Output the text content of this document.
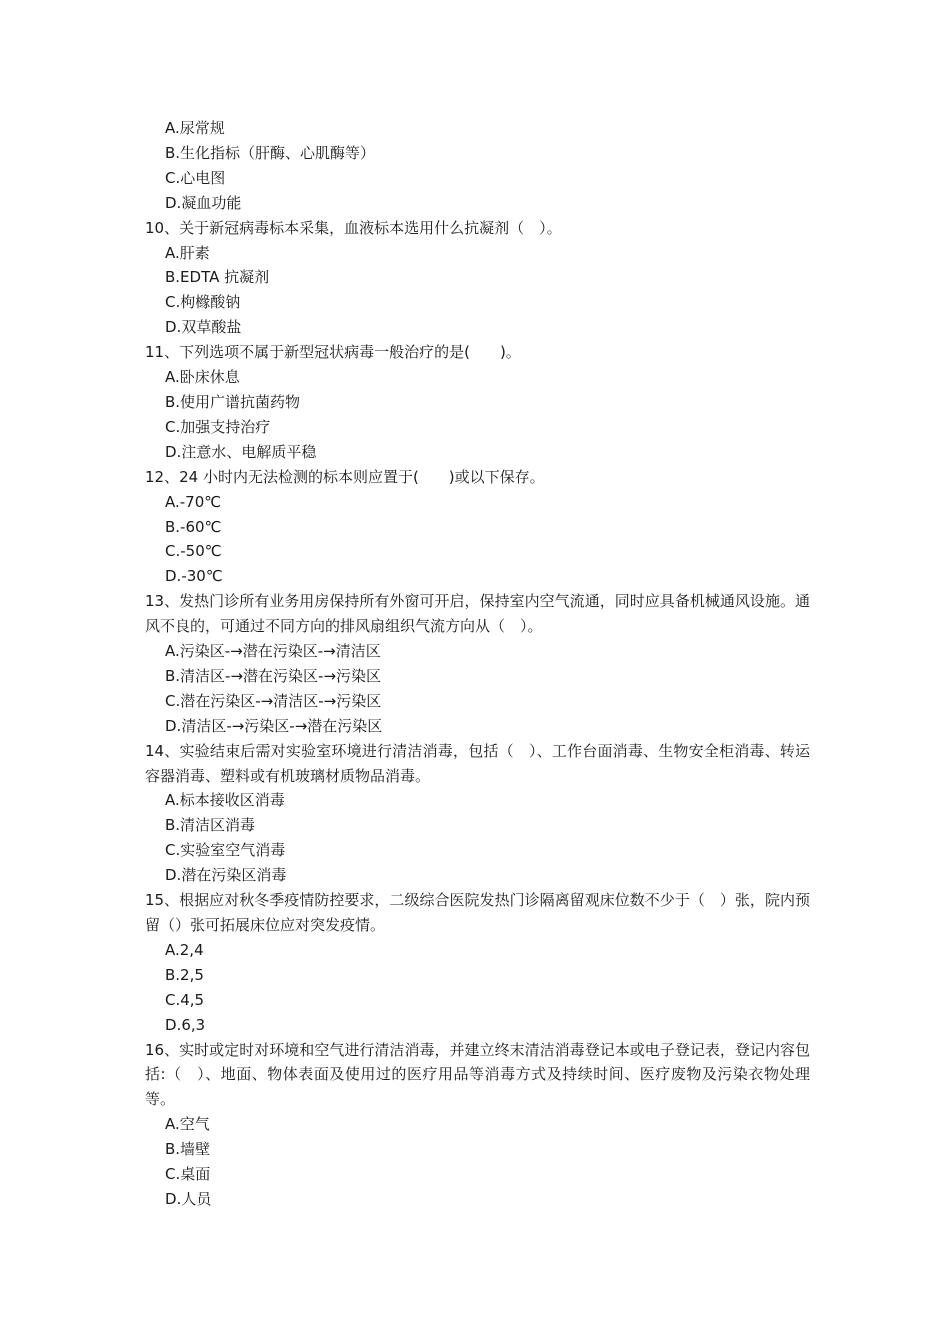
A.尿常规

B.生化指标（肝酶、心肌酶等）

C.心电图

D.凝血功能

10、关于新冠病毒标本采集，血液标本选用什么抗凝剂（　）。

A.肝素

B.EDTA 抗凝剂

C.枸橼酸钠

D.双草酸盐

11、下列选项不属于新型冠状病毒一般治疗的是(　　)。

A.卧床休息

B.使用广谱抗菌药物

C.加强支持治疗

D.注意水、电解质平稳

12、24 小时内无法检测的标本则应置于(　　)或以下保存。

A.-70℃

B.-60℃

C.-50℃

D.-30℃

13、发热门诊所有业务用房保持所有外窗可开启，保持室内空气流通，同时应具备机械通风设施。通风不良的，可通过不同方向的排风扇组织气流方向从（　）。

A.污染区-→潜在污染区-→清洁区

B.清洁区-→潜在污染区-→污染区

C.潜在污染区-→清洁区-→污染区

D.清洁区-→污染区-→潜在污染区

14、实验结束后需对实验室环境进行清洁消毒，包括（　）、工作台面消毒、生物安全柜消毒、转运容器消毒、塑料或有机玻璃材质物品消毒。

A.标本接收区消毒

B.清洁区消毒

C.实验室空气消毒

D.潜在污染区消毒

15、根据应对秋冬季疫情防控要求，二级综合医院发热门诊隔离留观床位数不少于（　）张，院内预留（）张可拓展床位应对突发疫情。

A.2,4

B.2,5

C.4,5

D.6,3

16、实时或定时对环境和空气进行清洁消毒，并建立终末清洁消毒登记本或电子登记表，登记内容包括:（　）、地面、物体表面及使用过的医疗用品等消毒方式及持续时间、医疗废物及污染衣物处理等。

A.空气

B.墙壁

C.桌面

D.人员
